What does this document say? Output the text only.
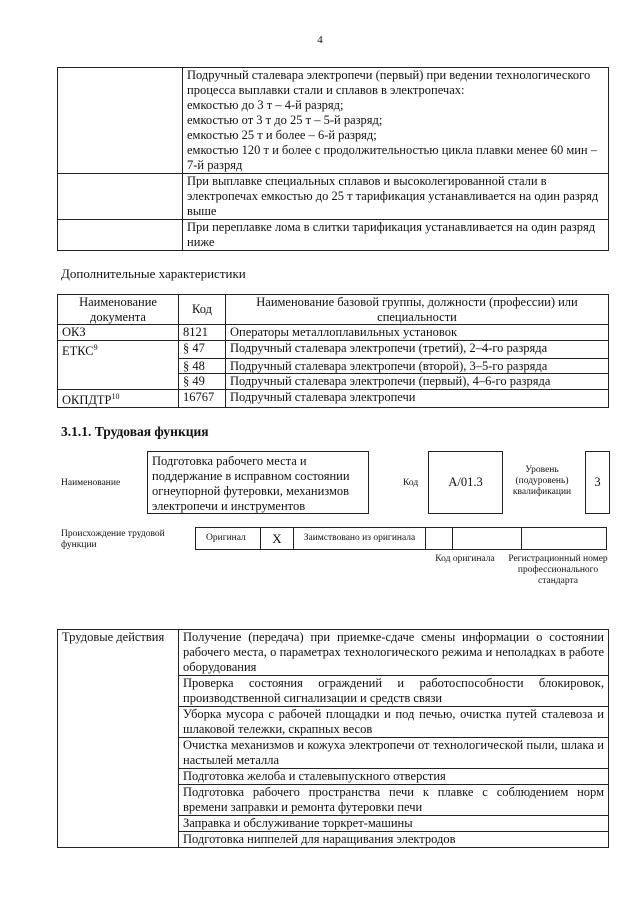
4

	Подручный сталевара электропечи (первый) при ведении технологического процесса выплавки стали и сплавов в электропечах:

емкостью до 3 т – 4-й разряд;

емкостью от 3 т до 25 т – 5-й разряд;

емкостью 25 т и более – 6-й разряд;

емкостью 120 т и более с продолжительностью цикла плавки менее 60 мин – 7-й разряд

	При выплавке специальных сплавов и высоколегированной стали в электропечах емкостью до 25 т тарификация устанавливается на один разряд выше
	При переплавке лома в слитки тарификация устанавливается на один разряд ниже
Дополнительные характеристики
Наименование документа	Код	Наименование базовой группы, должности (профессии) или специальности
ОКЗ	8121	Операторы металлоплавильных установок
ЕТКС$^9$	§ 47	Подручный сталевара электропечи (третий), 2–4-го разряда
	§ 48	Подручный сталевара электропечи (второй), 3–5-го разряда
	§ 49	Подручный сталевара электропечи (первый), 4–6-го разряда
ОКПДТР$^{10}$	16767	Подручный сталевара электропечи
3.1.1. Трудовая функция
Наименование
Подготовка рабочего места и поддержание в исправном состоянии огнеупорной футеровки, механизмов электропечи и инструментов
Код	A/01.3
Уровень (подуровень) квалификации
3
Происхождение трудовой функции
Оригинал	X	Заимствовано из оригинала
Код оригинала	Регистрационный номер профессионального стандарта
Трудовые действия	Получение (передача) при приемке-сдаче смены информации о состоянии рабочего места, о параметрах технологического режима и неполадках в работе оборудования
Проверка состояния ограждений и работоспособности блокировок, производственной сигнализации и средств связи
Уборка мусора с рабочей площадки и под печью, очистка путей сталевоза и шлаковой тележки, скрапных весов
Очистка механизмов и кожуха электропечи от технологической пыли, шлака и настылей металла
Подготовка желоба и сталевыпускного отверстия
Подготовка рабочего пространства печи к плавке с соблюдением норм времени заправки и ремонта футеровки печи
Заправка и обслуживание торкрет-машины
Подготовка ниппелей для наращивания электродов
